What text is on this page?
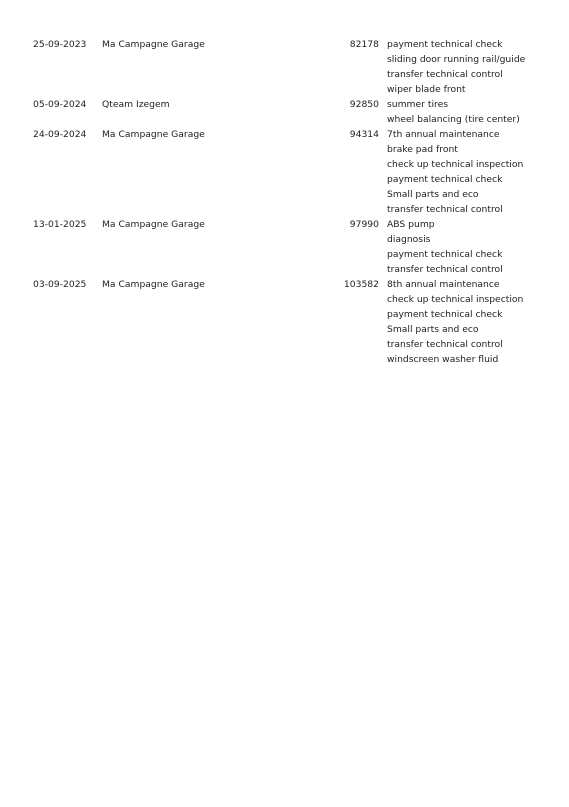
25-09-2023	Ma Campagne Garage	82178 payment technical check
sliding door running rail/guide
transfer technical control
wiper blade front
05-09-2024	Qteam Izegem	92850 summer tires
wheel balancing (tire center)
24-09-2024	Ma Campagne Garage	94314 7th annual maintenance
brake pad front
check up technical inspection
payment technical check
Small parts and eco
transfer technical control
13-01-2025	Ma Campagne Garage	97990 ABS pump
diagnosis
payment technical check
transfer technical control
03-09-2025	Ma Campagne Garage	103582 8th annual maintenance
check up technical inspection
payment technical check
Small parts and eco
transfer technical control
windscreen washer fluid
